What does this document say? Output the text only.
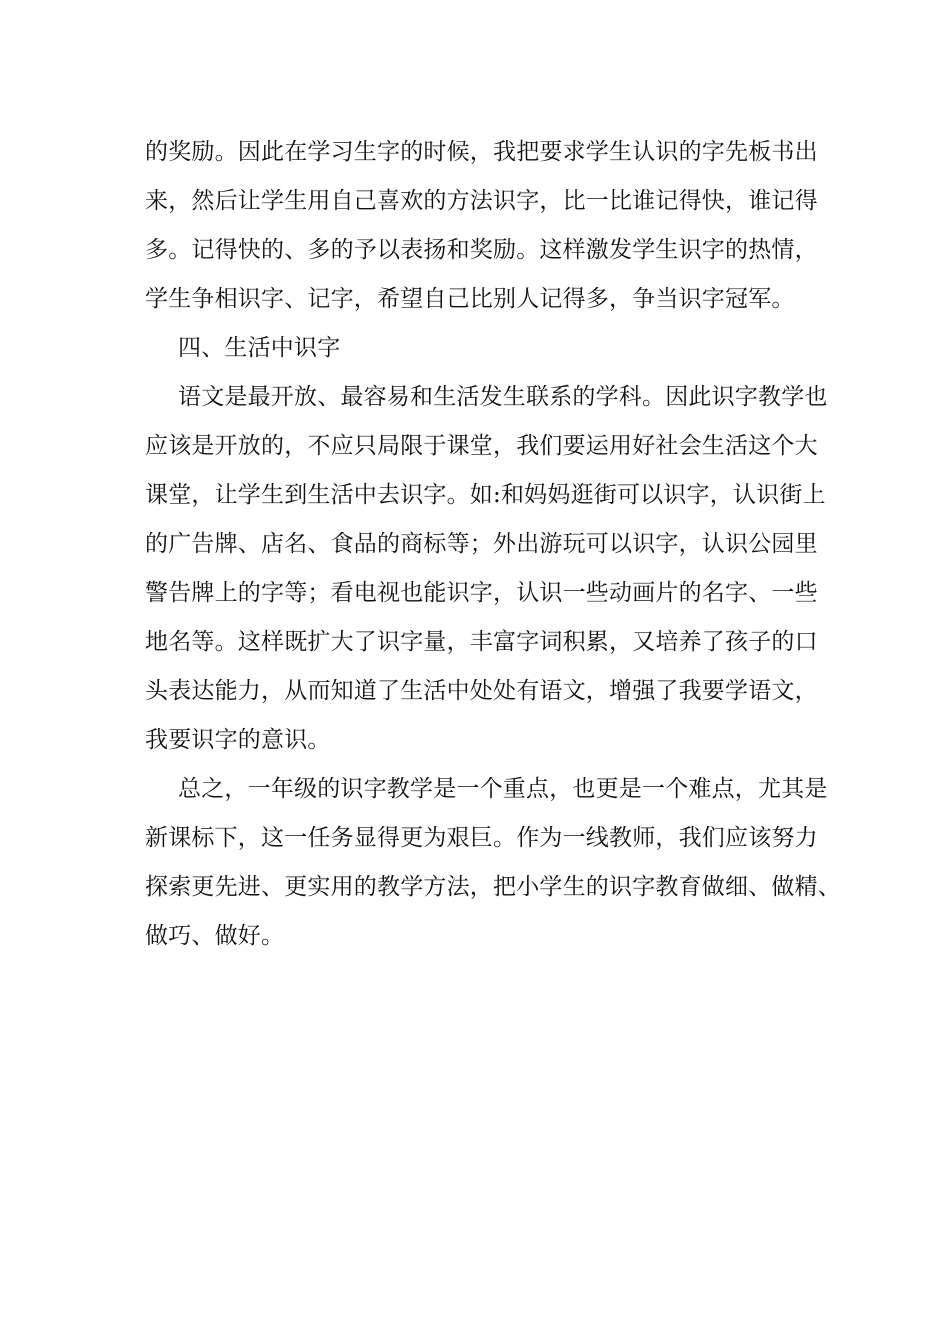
的奖励。因此在学习生字的时候，我把要求学生认识的字先板书出
来，然后让学生用自己喜欢的方法识字，比一比谁记得快，谁记得
多。记得快的、多的予以表扬和奖励。这样激发学生识字的热情，
学生争相识字、记字，希望自己比别人记得多，争当识字冠军。
四、生活中识字
语文是最开放、最容易和生活发生联系的学科。因此识字教学也
应该是开放的，不应只局限于课堂，我们要运用好社会生活这个大
课堂，让学生到生活中去识字。如:和妈妈逛街可以识字，认识街上
的广告牌、店名、食品的商标等；外出游玩可以识字，认识公园里
警告牌上的字等；看电视也能识字，认识一些动画片的名字、一些
地名等。这样既扩大了识字量，丰富字词积累，又培养了孩子的口
头表达能力，从而知道了生活中处处有语文，增强了我要学语文，
我要识字的意识。
总之，一年级的识字教学是一个重点，也更是一个难点，尤其是
新课标下，这一任务显得更为艰巨。作为一线教师，我们应该努力
探索更先进、更实用的教学方法，把小学生的识字教育做细、做精、
做巧、做好。
